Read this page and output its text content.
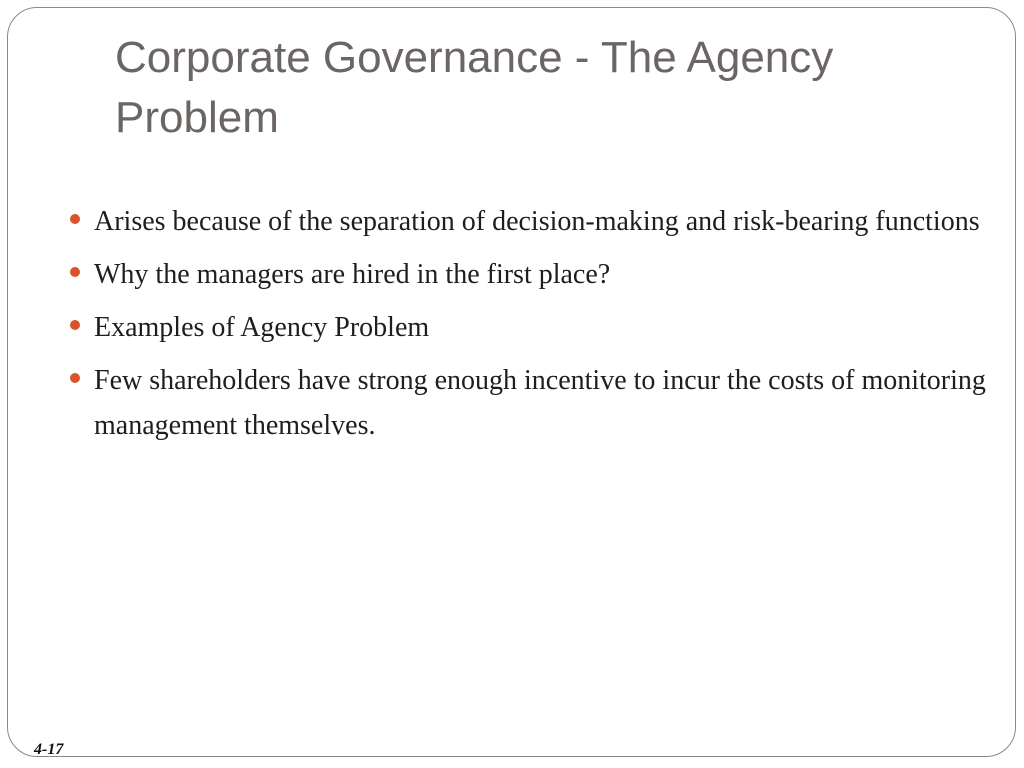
Corporate Governance - The Agency Problem
Arises because of the separation of decision-making and risk-bearing functions
Why the managers are hired in the first place?
Examples of Agency Problem
Few shareholders have strong enough incentive to incur the costs of monitoring management themselves.
4-17
